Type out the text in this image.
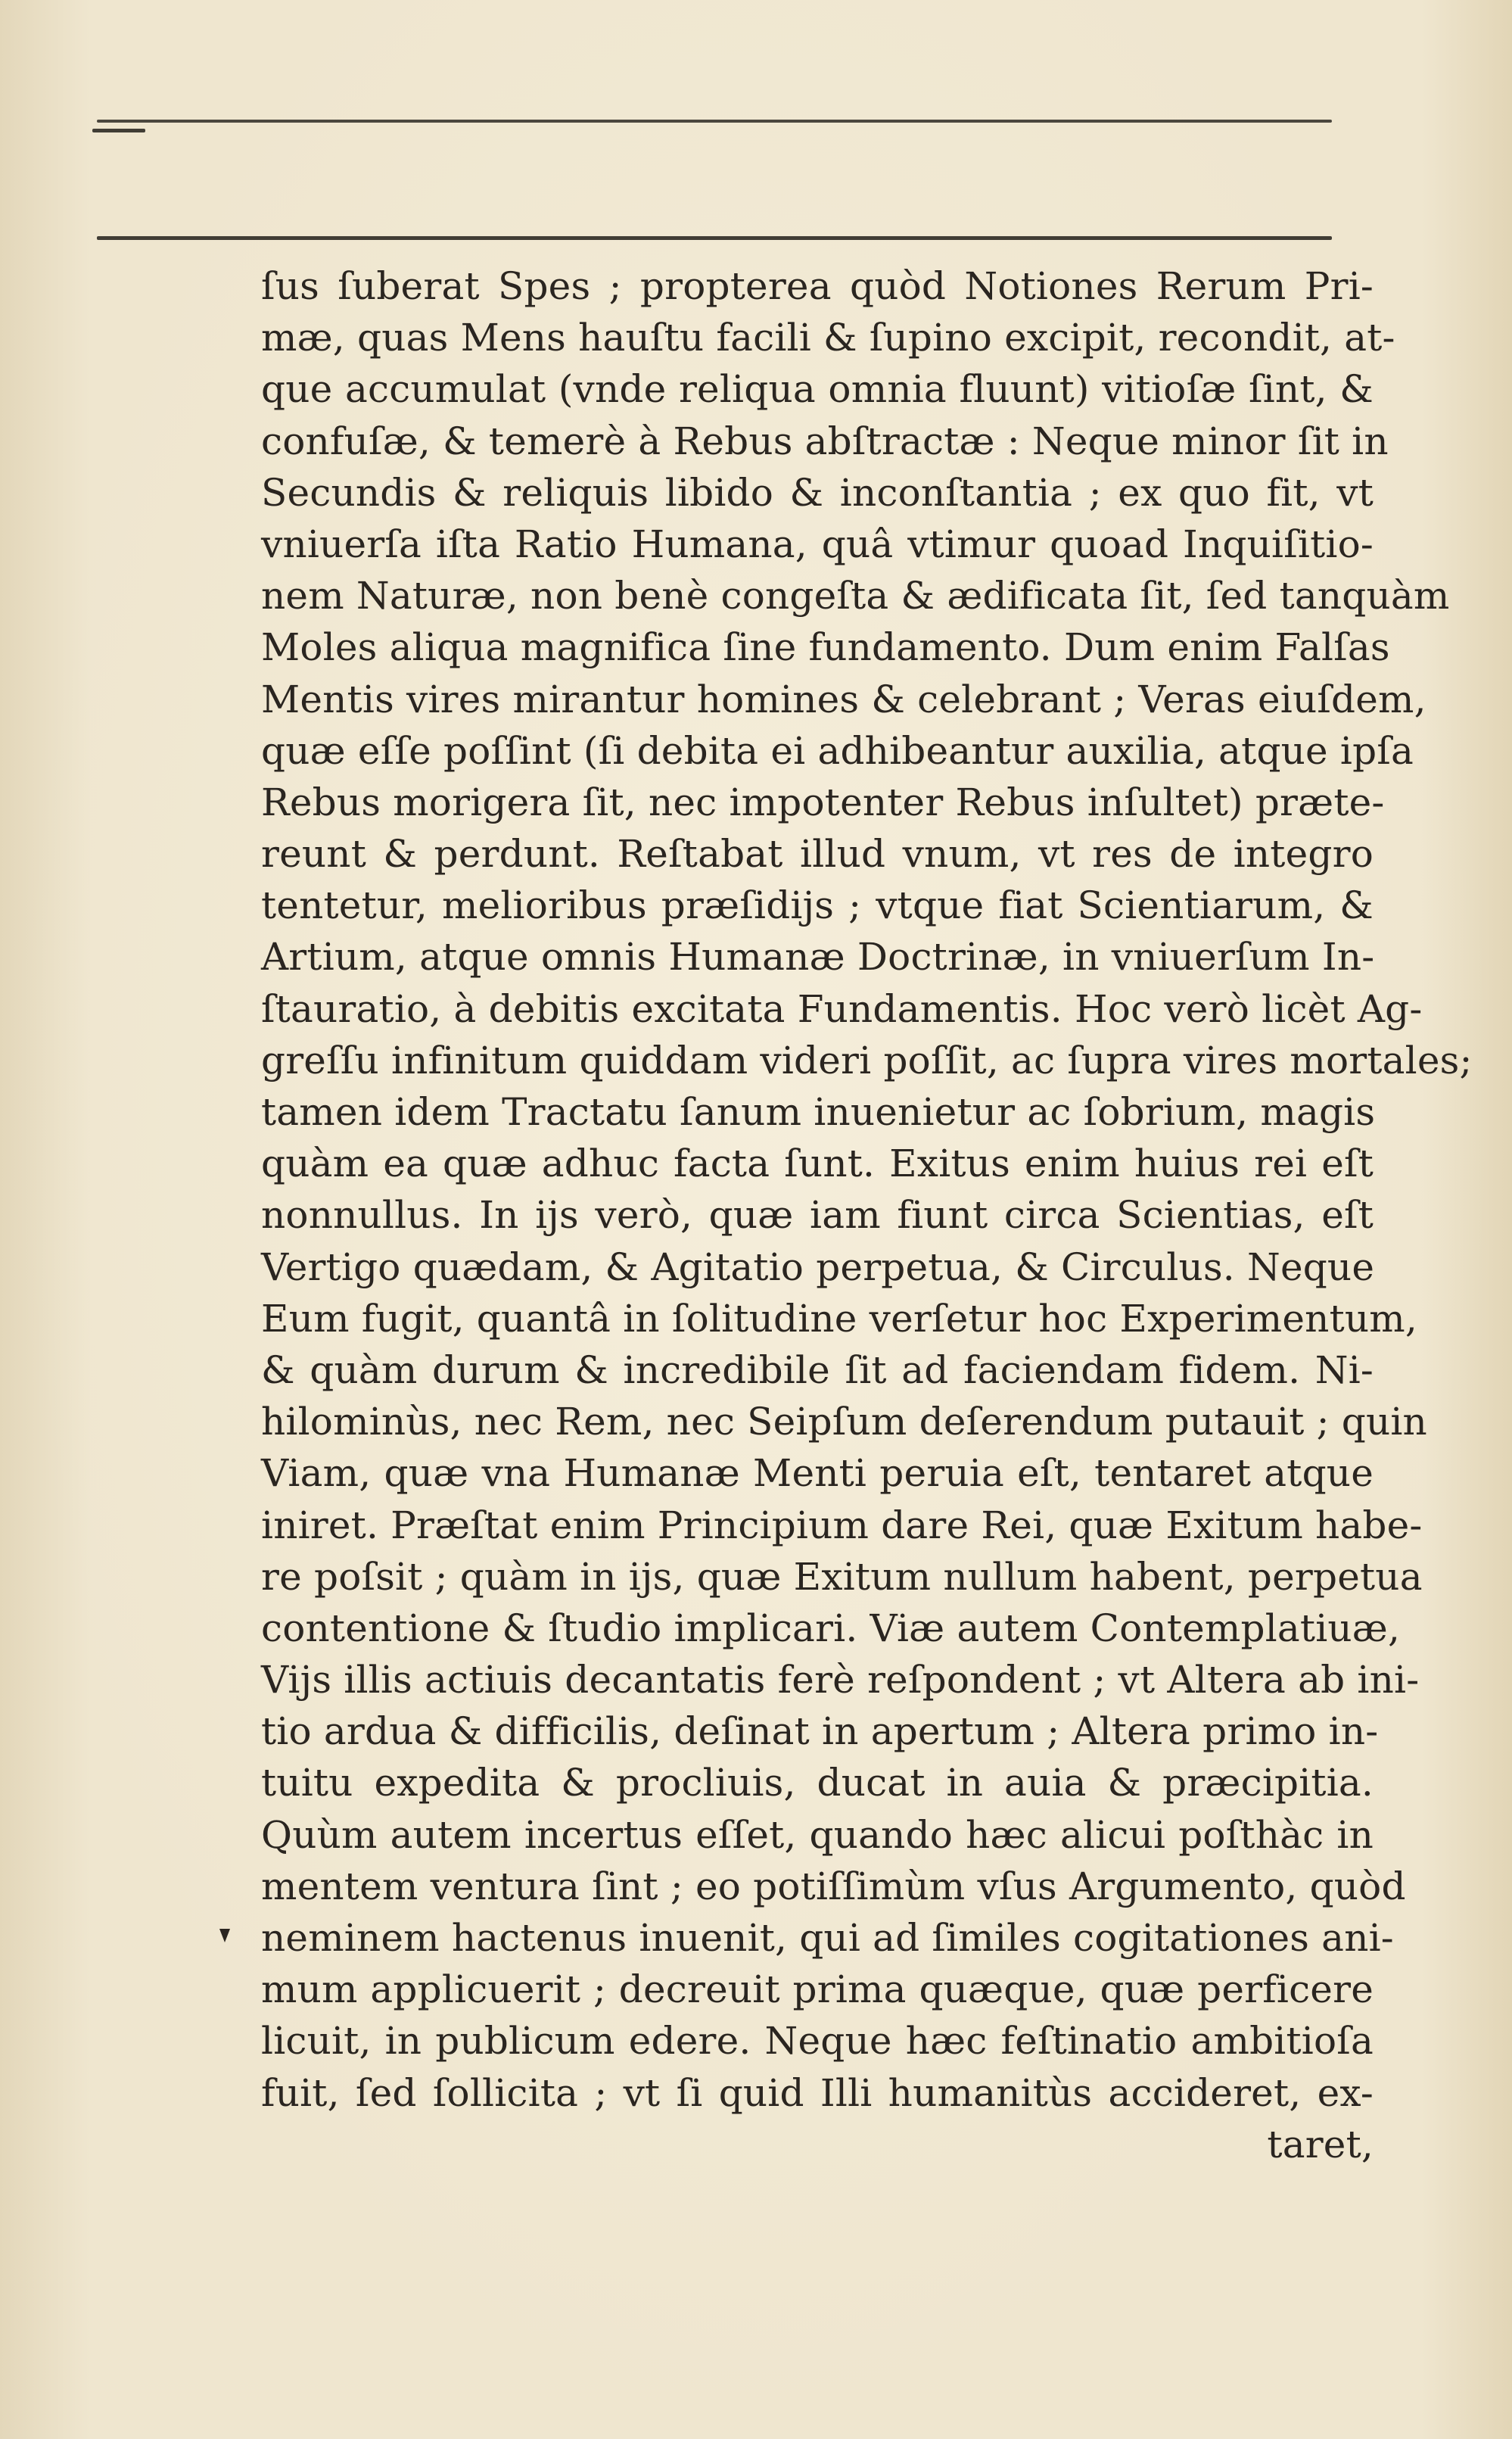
ſus ſuberat Spes ; propterea quòd Notiones Rerum Pri-
mæ, quas Mens hauſtu facili & ſupino excipit, recondit, at-
que accumulat (vnde reliqua omnia fluunt) vitioſæ ſint, &
confuſæ, & temerè à Rebus abſtractæ : Neque minor ſit in
Secundis & reliquis libido & inconſtantia ; ex quo fit, vt
vniuerſa iſta Ratio Humana, quâ vtimur quoad Inquiſitio-
nem Naturæ, non benè congeſta & ædificata ſit, ſed tanquàm
Moles aliqua magnifica ſine fundamento. Dum enim Falſas
Mentis vires mirantur homines & celebrant ; Veras eiuſdem,
quæ eſſe poſſint (ſi debita ei adhibeantur auxilia, atque ipſa
Rebus morigera ſit, nec impotenter Rebus inſultet) præte-
reunt & perdunt. Reſtabat illud vnum, vt res de integro
tentetur, melioribus præſidijs ; vtque fiat Scientiarum, &
Artium, atque omnis Humanæ Doctrinæ, in vniuerſum In-
ſtauratio, à debitis excitata Fundamentis. Hoc verò licèt Ag-
greſſu infinitum quiddam videri poſſit, ac ſupra vires mortales;
tamen idem Tractatu ſanum inuenietur ac ſobrium, magis
quàm ea quæ adhuc facta ſunt. Exitus enim huius rei eſt
nonnullus. In ijs verò, quæ iam fiunt circa Scientias, eſt
Vertigo quædam, & Agitatio perpetua, & Circulus. Neque
Eum fugit, quantâ in ſolitudine verſetur hoc Experimentum,
& quàm durum & incredibile ſit ad faciendam fidem. Ni-
hilominùs, nec Rem, nec Seipſum deſerendum putauit ; quin
Viam, quæ vna Humanæ Menti peruia eſt, tentaret atque
iniret. Præſtat enim Principium dare Rei, quæ Exitum habe-
re poſsit ; quàm in ijs, quæ Exitum nullum habent, perpetua
contentione & ſtudio implicari. Viæ autem Contemplatiuæ,
Vijs illis actiuis decantatis ferè reſpondent ; vt Altera ab ini-
tio ardua & difficilis, deſinat in apertum ; Altera primo in-
tuitu expedita & procliuis, ducat in auia & præcipitia.
Quùm autem incertus eſſet, quando hæc alicui poſthàc in
mentem ventura ſint ; eo potiſſimùm vſus Argumento, quòd
neminem hactenus inuenit, qui ad ſimiles cogitationes ani-
mum applicuerit ; decreuit prima quæque, quæ perficere
licuit, in publicum edere. Neque hæc feſtinatio ambitioſa
fuit, ſed ſollicita ; vt ſi quid Illi humanitùs accideret, ex-
taret,
